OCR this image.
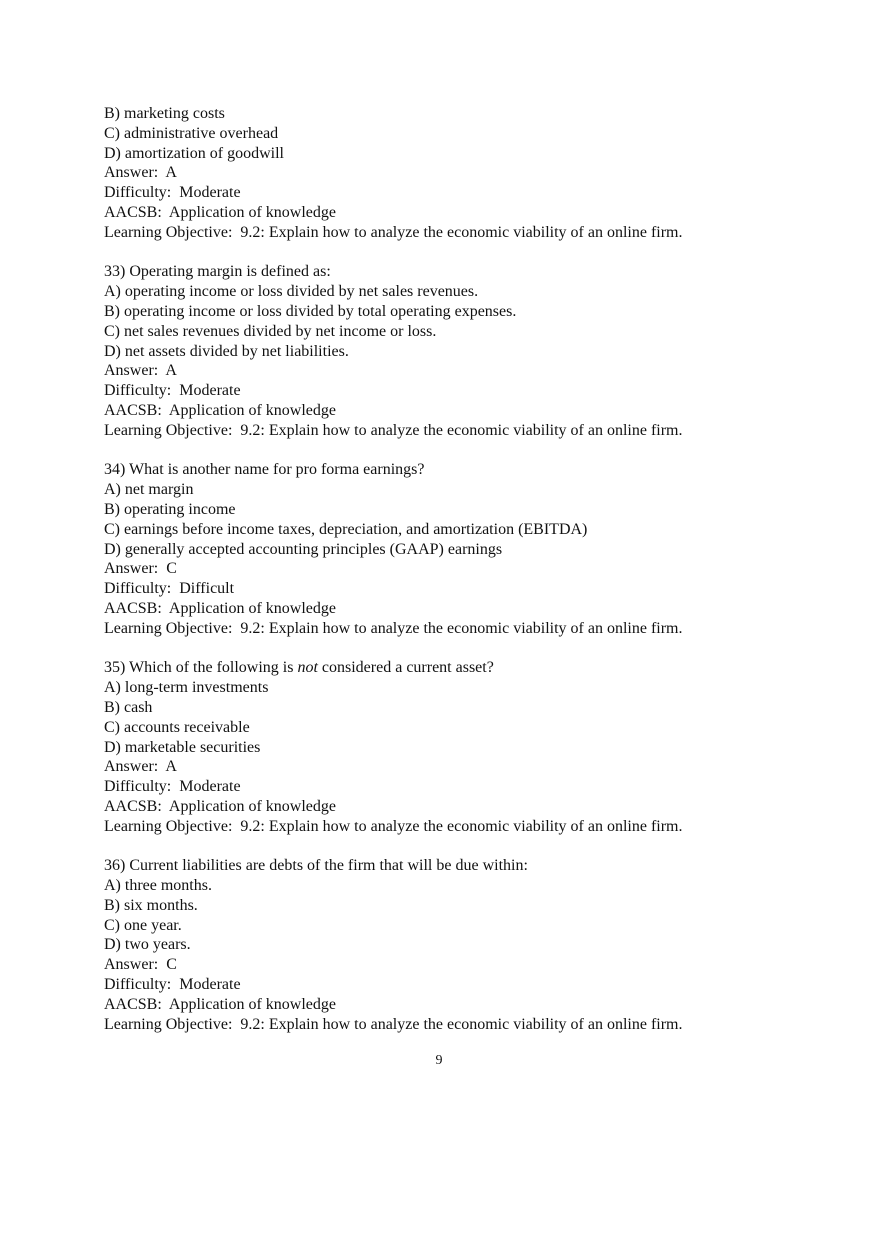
B) marketing costs
C) administrative overhead
D) amortization of goodwill
Answer:  A
Difficulty:  Moderate
AACSB:  Application of knowledge
Learning Objective:  9.2: Explain how to analyze the economic viability of an online firm.
33) Operating margin is defined as:
A) operating income or loss divided by net sales revenues.
B) operating income or loss divided by total operating expenses.
C) net sales revenues divided by net income or loss.
D) net assets divided by net liabilities.
Answer:  A
Difficulty:  Moderate
AACSB:  Application of knowledge
Learning Objective:  9.2: Explain how to analyze the economic viability of an online firm.
34) What is another name for pro forma earnings?
A) net margin
B) operating income
C) earnings before income taxes, depreciation, and amortization (EBITDA)
D) generally accepted accounting principles (GAAP) earnings
Answer:  C
Difficulty:  Difficult
AACSB:  Application of knowledge
Learning Objective:  9.2: Explain how to analyze the economic viability of an online firm.
35) Which of the following is not considered a current asset?
A) long-term investments
B) cash
C) accounts receivable
D) marketable securities
Answer:  A
Difficulty:  Moderate
AACSB:  Application of knowledge
Learning Objective:  9.2: Explain how to analyze the economic viability of an online firm.
36) Current liabilities are debts of the firm that will be due within:
A) three months.
B) six months.
C) one year.
D) two years.
Answer:  C
Difficulty:  Moderate
AACSB:  Application of knowledge
Learning Objective:  9.2: Explain how to analyze the economic viability of an online firm.
9
